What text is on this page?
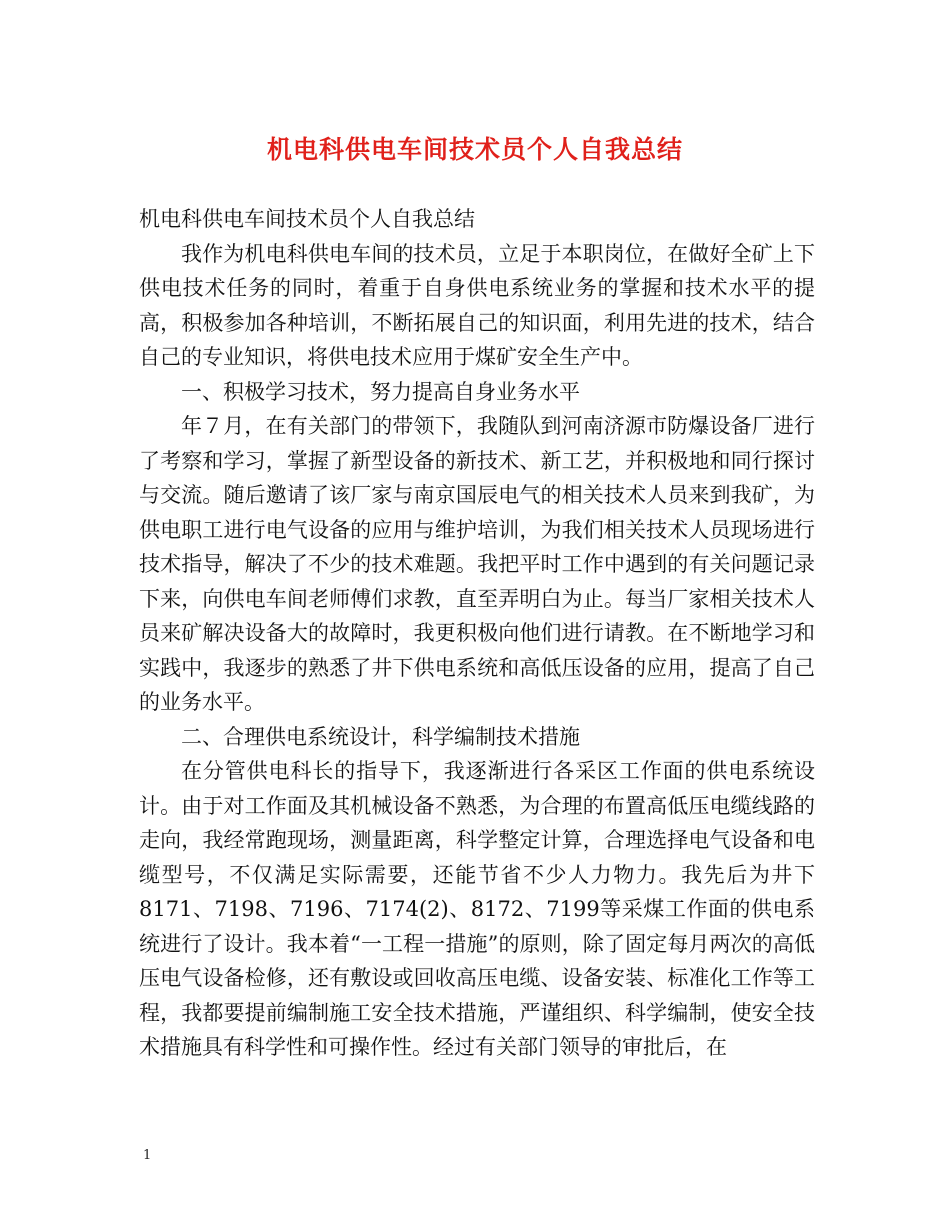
机电科供电车间技术员个人自我总结

机电科供电车间技术员个人自我总结

我作为机电科供电车间的技术员，立足于本职岗位，在做好全矿上下供电技术任务的同时，着重于自身供电系统业务的掌握和技术水平的提高，积极参加各种培训，不断拓展自己的知识面，利用先进的技术，结合自己的专业知识，将供电技术应用于煤矿安全生产中。

一、积极学习技术，努力提高自身业务水平

年７月，在有关部门的带领下，我随队到河南济源市防爆设备厂进行了考察和学习，掌握了新型设备的新技术、新工艺，并积极地和同行探讨与交流。随后邀请了该厂家与南京国辰电气的相关技术人员来到我矿，为供电职工进行电气设备的应用与维护培训，为我们相关技术人员现场进行技术指导，解决了不少的技术难题。我把平时工作中遇到的有关问题记录下来，向供电车间老师傅们求教，直至弄明白为止。每当厂家相关技术人员来矿解决设备大的故障时，我更积极向他们进行请教。在不断地学习和实践中，我逐步的熟悉了井下供电系统和高低压设备的应用，提高了自己的业务水平。

二、合理供电系统设计，科学编制技术措施

在分管供电科长的指导下，我逐渐进行各采区工作面的供电系统设计。由于对工作面及其机械设备不熟悉，为合理的布置高低压电缆线路的走向，我经常跑现场，测量距离，科学整定计算，合理选择电气设备和电缆型号，不仅满足实际需要，还能节省不少人力物力。我先后为井下8171、7198、7196、7174(2)、8172、7199等采煤工作面的供电系统进行了设计。我本着“一工程一措施”的原则，除了固定每月两次的高低压电气设备检修，还有敷设或回收高压电缆、设备安装、标准化工作等工程，我都要提前编制施工安全技术措施，严谨组织、科学编制，使安全技术措施具有科学性和可操作性。经过有关部门领导的审批后，在

1
